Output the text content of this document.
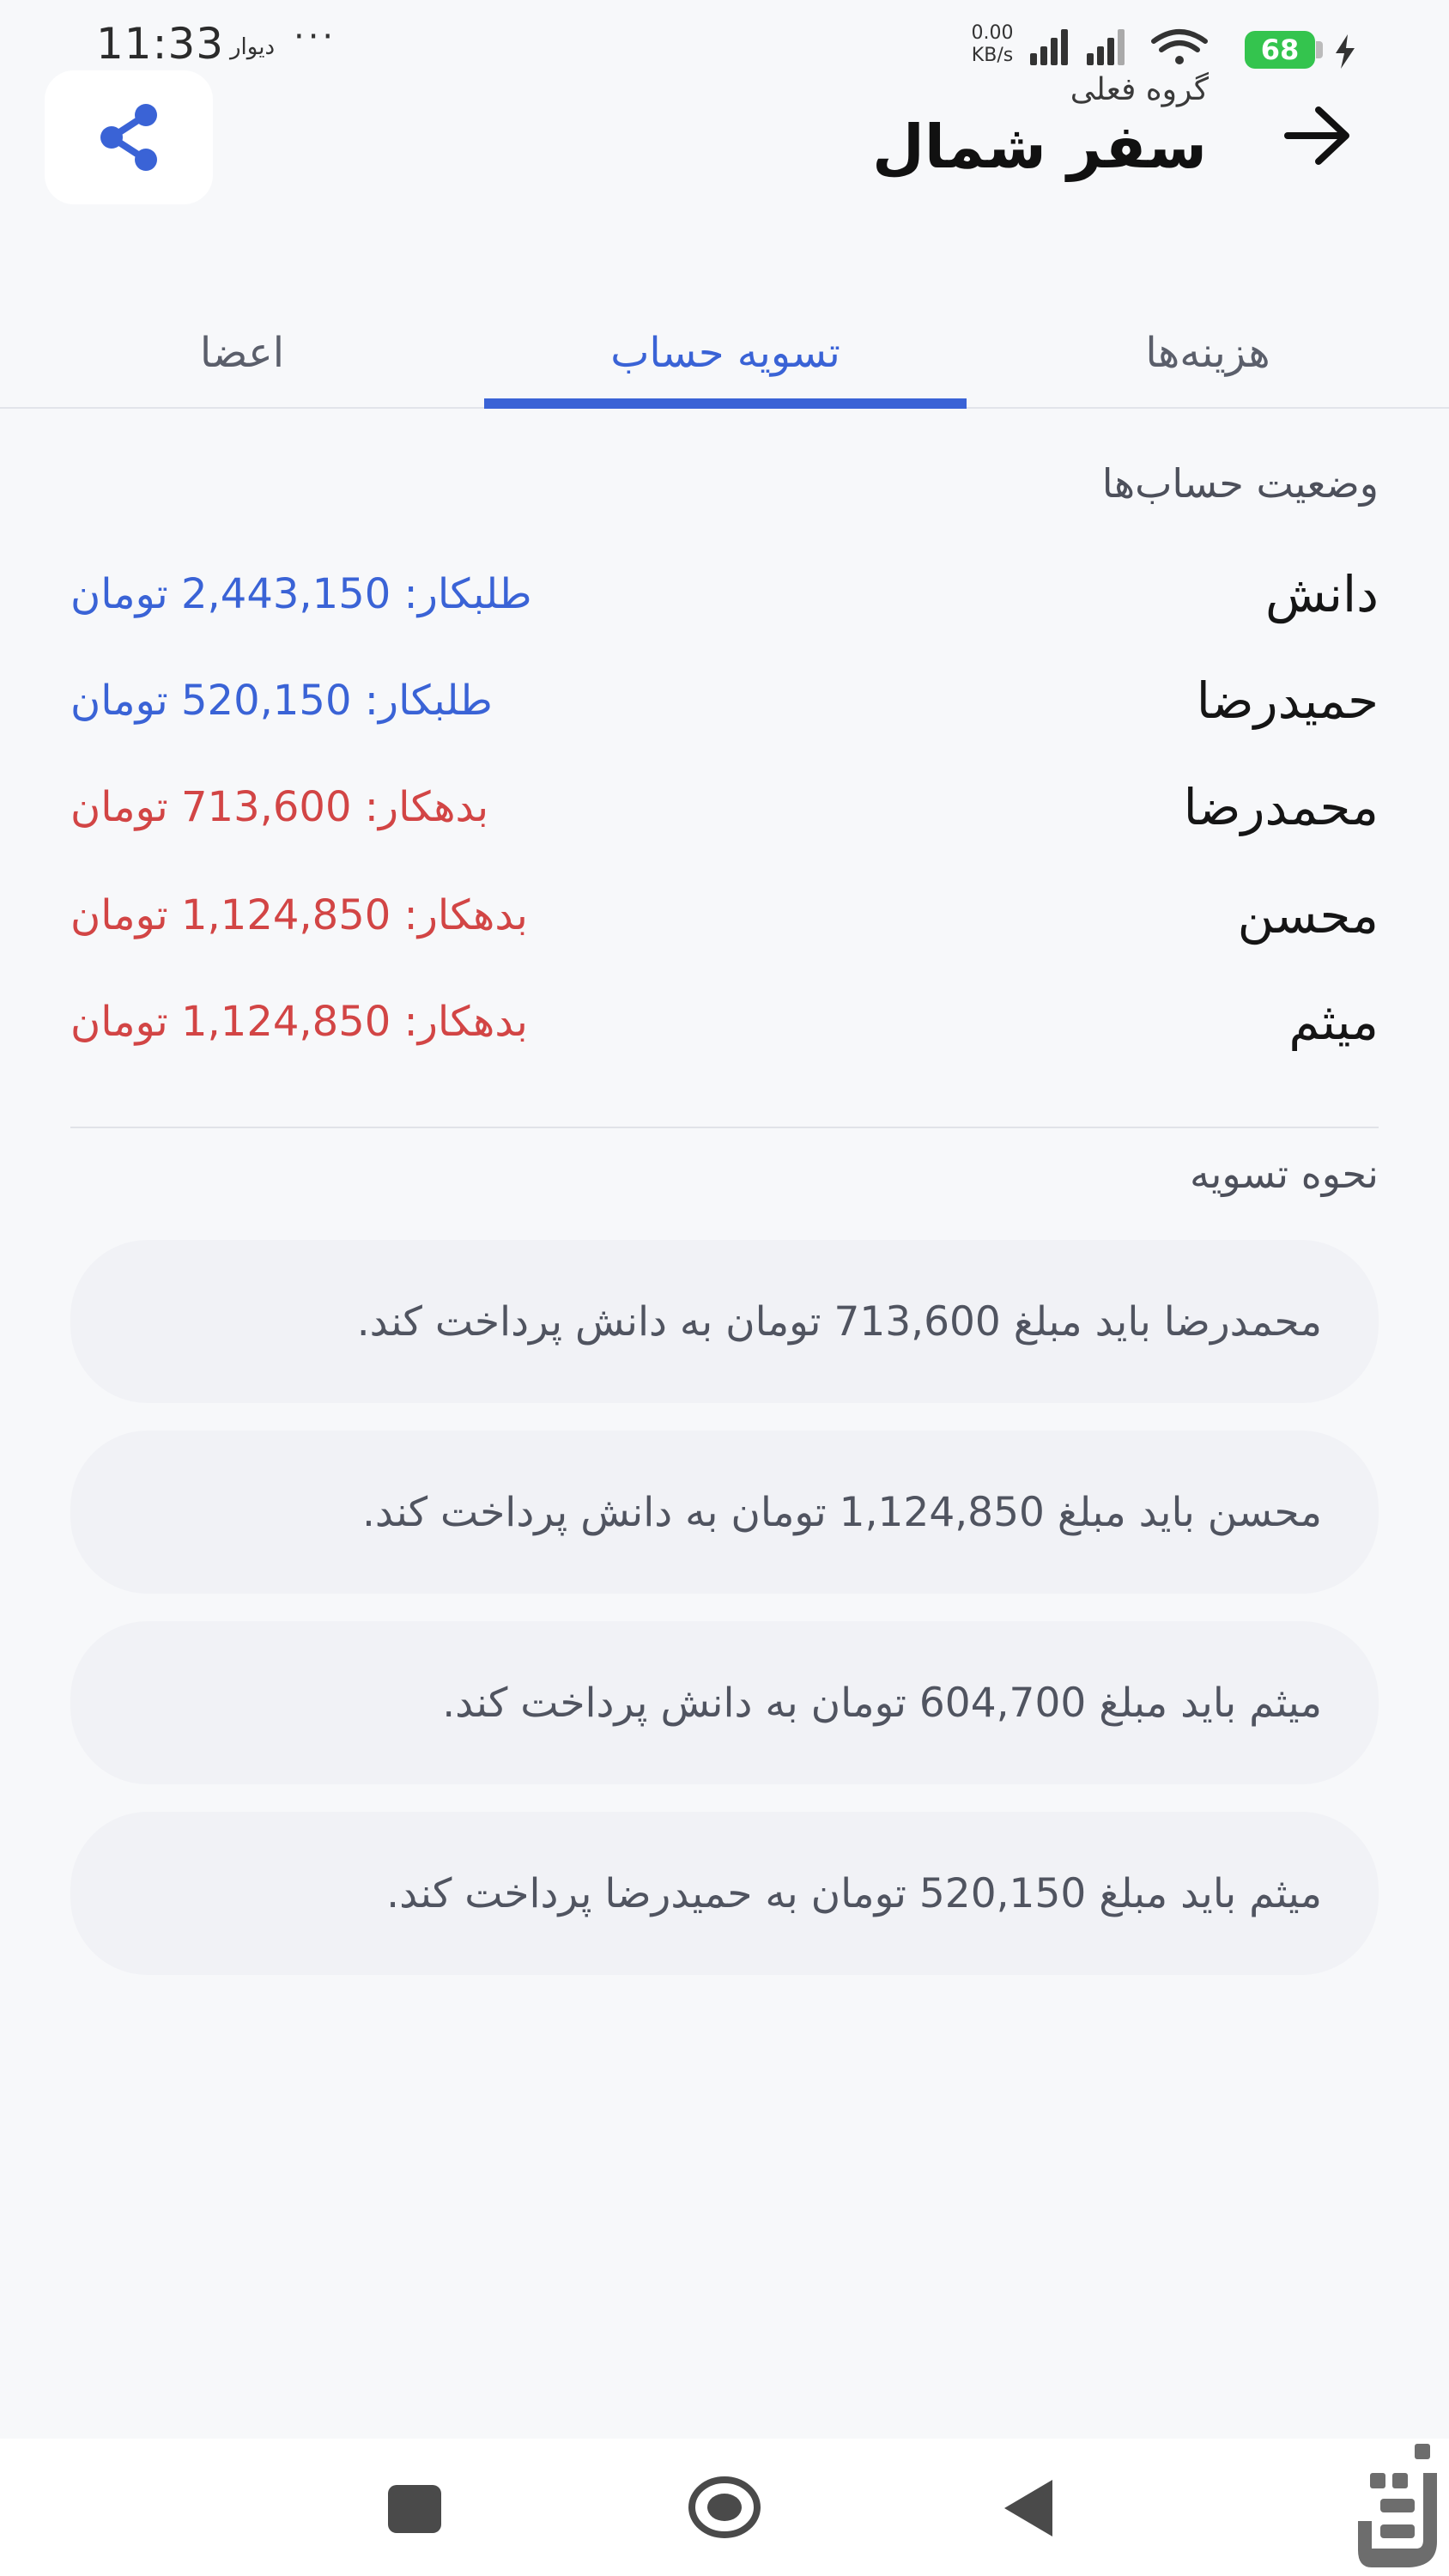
11:33 دیوار ···	0.00
KB/s	68
گروه فعلی
سفر شمال
اعضا	تسویه حساب	هزینه‌ها
وضعیت حساب‌ها
طلبکار: 2,443,150 تومان	دانش
طلبکار: 520,150 تومان	حمیدرضا
بدهکار: 713,600 تومان	محمدرضا
بدهکار: 1,124,850 تومان	محسن
بدهکار: 1,124,850 تومان	میثم
نحوه تسویه
محمدرضا باید مبلغ 713,600 تومان به دانش پرداخت کند.
محسن باید مبلغ 1,124,850 تومان به دانش پرداخت کند.
میثم باید مبلغ 604,700 تومان به دانش پرداخت کند.
میثم باید مبلغ 520,150 تومان به حمیدرضا پرداخت کند.
